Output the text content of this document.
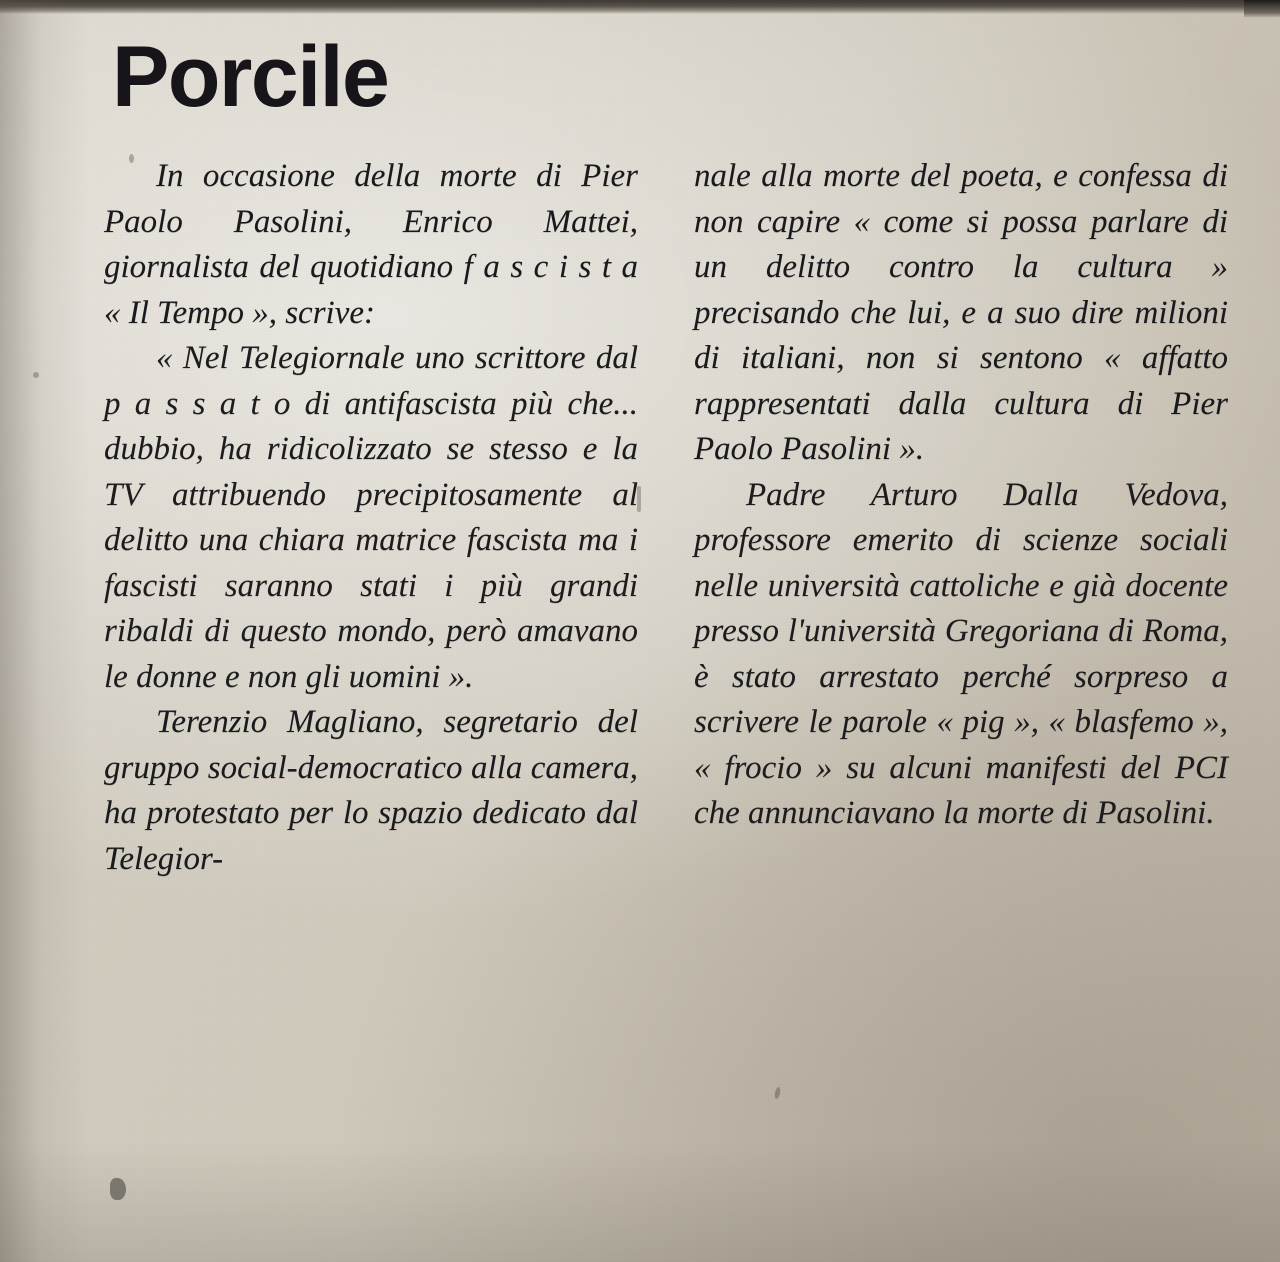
Porcile

In occasione della morte di Pier Paolo Pasolini, Enrico Mattei, giornalista del quotidiano f a s c i s t a « Il Tempo », scrive:

« Nel Telegiornale uno scrittore dal p a s s a t o di antifascista più che... dubbio, ha ridicolizzato se stesso e la TV attribuendo precipitosamente al delitto una chiara matrice fascista ma i fascisti saranno stati i più grandi ribaldi di questo mondo, però amavano le donne e non gli uomini ».

Terenzio Magliano, segretario del gruppo social-democratico alla camera, ha protestato per lo spazio dedicato dal Telegior-

nale alla morte del poeta, e confessa di non capire « come si possa parlare di un delitto contro la cultura » precisando che lui, e a suo dire milioni di italiani, non si sentono « affatto rappresentati dalla cultura di Pier Paolo Pasolini ».

Padre Arturo Dalla Vedova, professore emerito di scienze sociali nelle università cattoliche e già docente presso l'università Gregoriana di Roma, è stato arrestato perché sorpreso a scrivere le parole « pig », « blasfemo », « frocio » su alcuni manifesti del PCI che annunciavano la morte di Pasolini.
